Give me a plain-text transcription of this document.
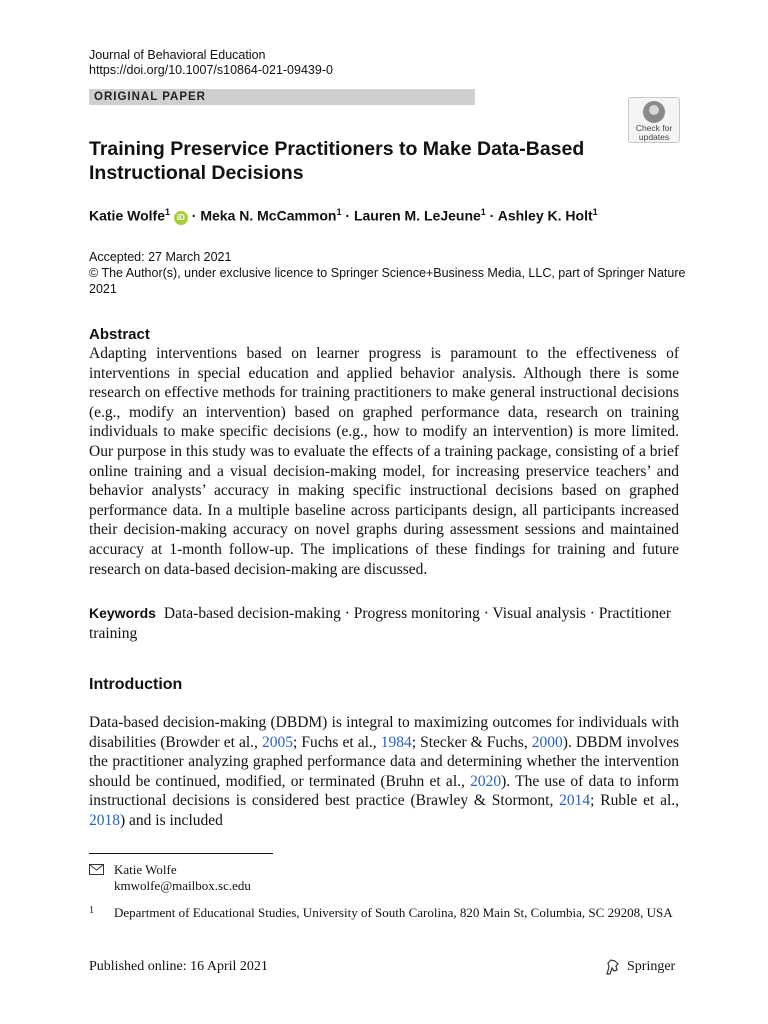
Journal of Behavioral Education
https://doi.org/10.1007/s10864-021-09439-0
ORIGINAL PAPER
Check for
updates
Training Preservice Practitioners to Make Data-Based Instructional Decisions
Katie Wolfe$^1$ iD · Meka N. McCammon$^1$ · Lauren M. LeJeune$^1$ · Ashley K. Holt$^1$
Accepted: 27 March 2021
© The Author(s), under exclusive licence to Springer Science+Business Media, LLC, part of Springer Nature 2021
Abstract
Adapting interventions based on learner progress is paramount to the effectiveness of interventions in special education and applied behavior analysis. Although there is some research on effective methods for training practitioners to make general instructional decisions (e.g., modify an intervention) based on graphed performance data, research on training individuals to make specific decisions (e.g., how to modify an intervention) is more limited. Our purpose in this study was to evaluate the effects of a training package, consisting of a brief online training and a visual decision-making model, for increasing preservice teachers’ and behavior analysts’ accuracy in making specific instructional decisions based on graphed performance data. In a multiple baseline across participants design, all participants increased their decision-making accuracy on novel graphs during assessment sessions and maintained accuracy at 1-month follow-up. The implications of these findings for training and future research on data-based decision-making are discussed.
Keywords Data-based decision-making · Progress monitoring · Visual analysis · Practitioner training
Introduction
Data-based decision-making (DBDM) is integral to maximizing outcomes for individuals with disabilities (Browder et al., 2005; Fuchs et al., 1984; Stecker & Fuchs, 2000). DBDM involves the practitioner analyzing graphed performance data and determining whether the intervention should be continued, modified, or terminated (Bruhn et al., 2020). The use of data to inform instructional decisions is considered best practice (Brawley & Stormont, 2014; Ruble et al., 2018) and is included
Katie Wolfe
kmwolfe@mailbox.sc.edu
1 Department of Educational Studies, University of South Carolina, 820 Main St, Columbia, SC 29208, USA
Published online: 16 April 2021	Springer
